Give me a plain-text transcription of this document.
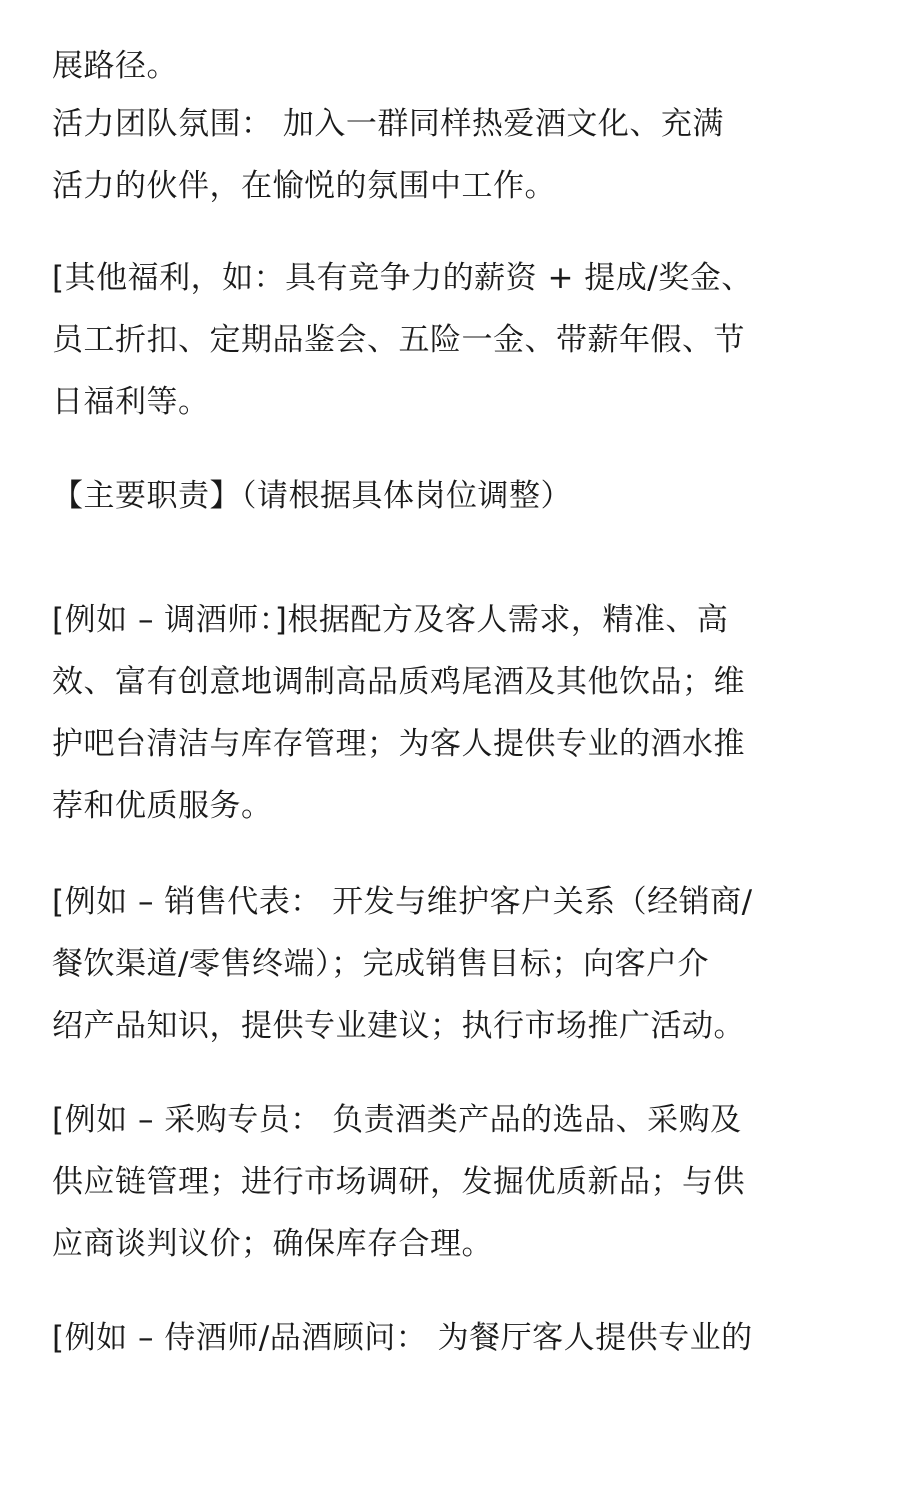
展路径。

活力团队氛围： 加入一群同样热爱酒文化、充满
活力的伙伴，在愉悦的氛围中工作。

[其他福利，如：具有竞争力的薪资 + 提成/奖金、
员工折扣、定期品鉴会、五险一金、带薪年假、节
日福利等。

【主要职责】（请根据具体岗位调整）

[例如 – 调酒师：]根据配方及客人需求，精准、高
效、富有创意地调制高品质鸡尾酒及其他饮品；维
护吧台清洁与库存管理；为客人提供专业的酒水推
荐和优质服务。

[例如 – 销售代表： 开发与维护客户关系（经销商/
餐饮渠道/零售终端）；完成销售目标；向客户介
绍产品知识，提供专业建议；执行市场推广活动。

[例如 – 采购专员： 负责酒类产品的选品、采购及
供应链管理；进行市场调研，发掘优质新品；与供
应商谈判议价；确保库存合理。

[例如 – 侍酒师/品酒顾问： 为餐厅客人提供专业的
